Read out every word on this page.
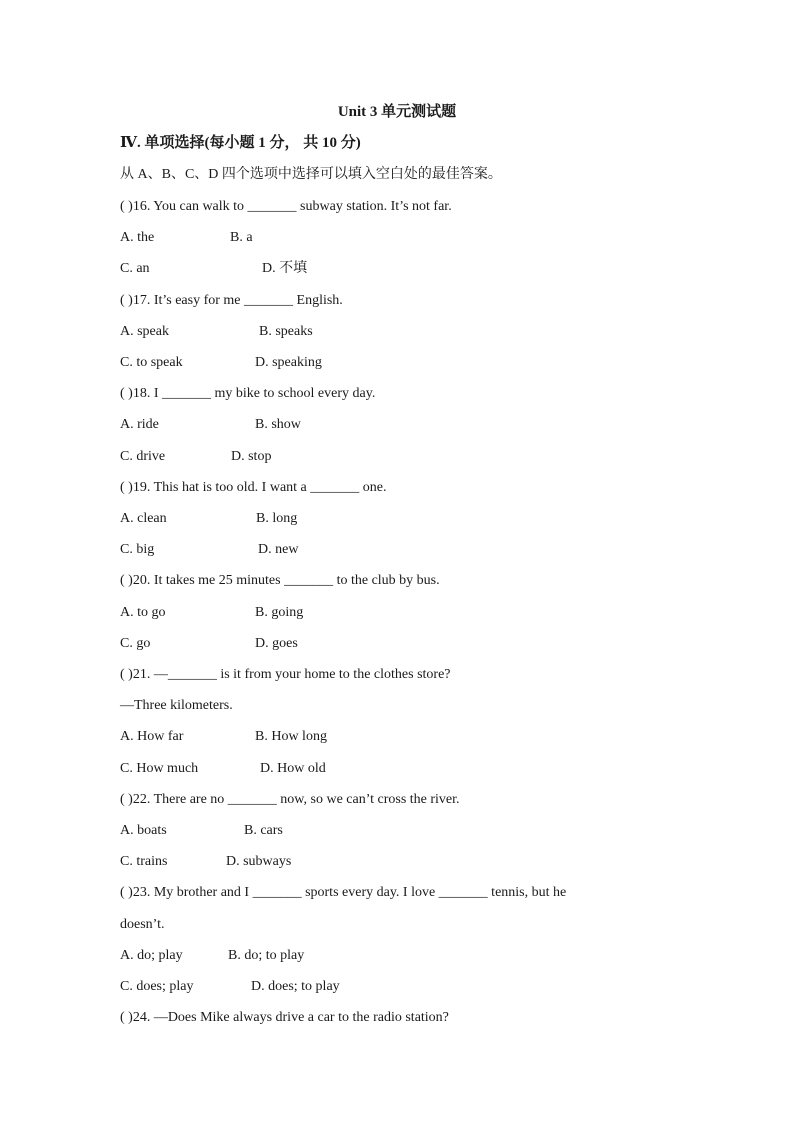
Unit 3 单元测试题
Ⅳ. 单项选择(每小题 1 分， 共 10 分)
从 A、B、C、D 四个选项中选择可以填入空白处的最佳答案。
( )16. You can walk to _______ subway station. It’s not far.
A. the	B. a
C. an	D. 不填
( )17. It’s easy for me _______ English.
A. speak	B. speaks
C. to speak	D. speaking
( )18. I _______ my bike to school every day.
A. ride	B. show
C. drive	D. stop
( )19. This hat is too old. I want a _______ one.
A. clean	B. long
C. big	D. new
( )20. It takes me 25 minutes _______ to the club by bus.
A. to go	B. going
C. go	D. goes
( )21. —_______ is it from your home to the clothes store?
—Three kilometers.
A. How far	B. How long
C. How much	D. How old
( )22. There are no _______ now, so we can’t cross the river.
A. boats	B. cars
C. trains	D. subways
( )23. My brother and I _______ sports every day. I love _______ tennis, but he
doesn’t.
A. do; play	B. do; to play
C. does; play	D. does; to play
( )24. —Does Mike always drive a car to the radio station?
